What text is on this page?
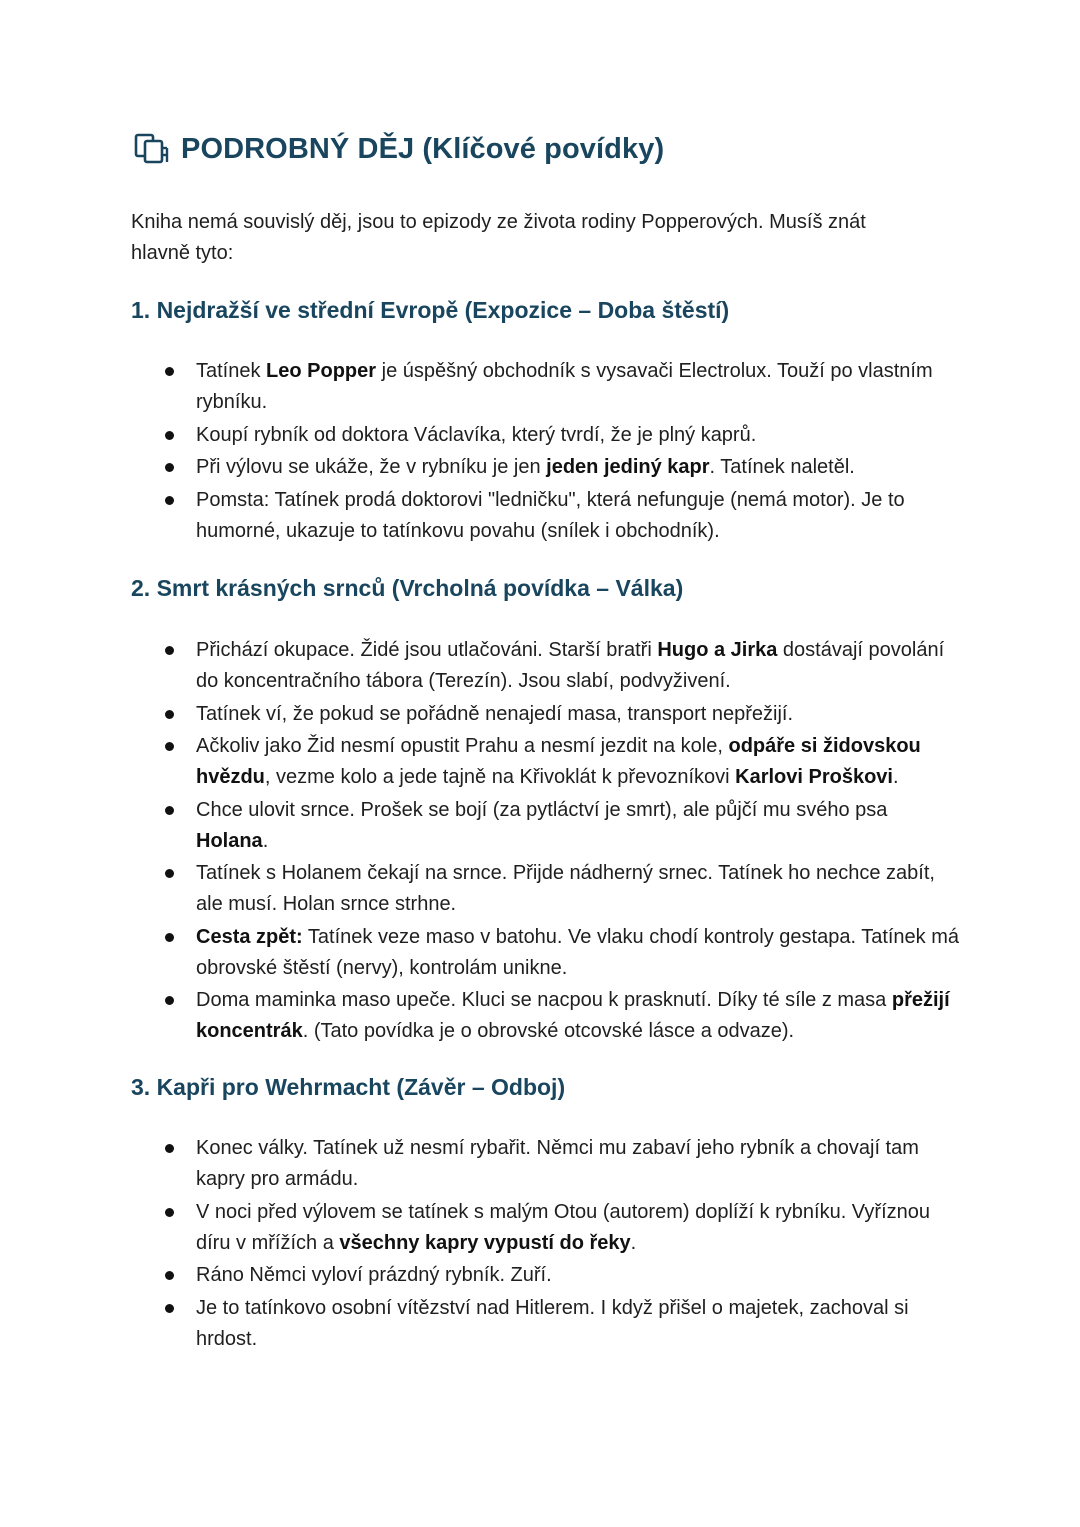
PODROBNÝ DĚJ (Klíčové povídky)
Kniha nemá souvislý děj, jsou to epizody ze života rodiny Popperových. Musíš znát
hlavně tyto:
1. Nejdražší ve střední Evropě (Expozice – Doba štěstí)
Tatínek Leo Popper je úspěšný obchodník s vysavači Electrolux. Touží po vlastním rybníku.
Koupí rybník od doktora Václavíka, který tvrdí, že je plný kaprů.
Při výlovu se ukáže, že v rybníku je jen jeden jediný kapr. Tatínek naletěl.
Pomsta: Tatínek prodá doktorovi "ledničku", která nefunguje (nemá motor). Je to humorné, ukazuje to tatínkovu povahu (snílek i obchodník).
2. Smrt krásných srnců (Vrcholná povídka – Válka)
Přichází okupace. Židé jsou utlačováni. Starší bratři Hugo a Jirka dostávají povolání do koncentračního tábora (Terezín). Jsou slabí, podvyživení.
Tatínek ví, že pokud se pořádně nenajedí masa, transport nepřežijí.
Ačkoliv jako Žid nesmí opustit Prahu a nesmí jezdit na kole, odpáře si židovskou hvězdu, vezme kolo a jede tajně na Křivoklát k převozníkovi Karlovi Proškovi.
Chce ulovit srnce. Prošek se bojí (za pytláctví je smrt), ale půjčí mu svého psa Holana.
Tatínek s Holanem čekají na srnce. Přijde nádherný srnec. Tatínek ho nechce zabít, ale musí. Holan srnce strhne.
Cesta zpět: Tatínek veze maso v batohu. Ve vlaku chodí kontroly gestapa. Tatínek má obrovské štěstí (nervy), kontrolám unikne.
Doma maminka maso upeče. Kluci se nacpou k prasknutí. Díky té síle z masa přežijí koncentrák. (Tato povídka je o obrovské otcovské lásce a odvaze).
3. Kapři pro Wehrmacht (Závěr – Odboj)
Konec války. Tatínek už nesmí rybařit. Němci mu zabaví jeho rybník a chovají tam kapry pro armádu.
V noci před výlovem se tatínek s malým Otou (autorem) doplíží k rybníku. Vyříznou díru v mřížích a všechny kapry vypustí do řeky.
Ráno Němci vyloví prázdný rybník. Zuří.
Je to tatínkovo osobní vítězství nad Hitlerem. I když přišel o majetek, zachoval si hrdost.
